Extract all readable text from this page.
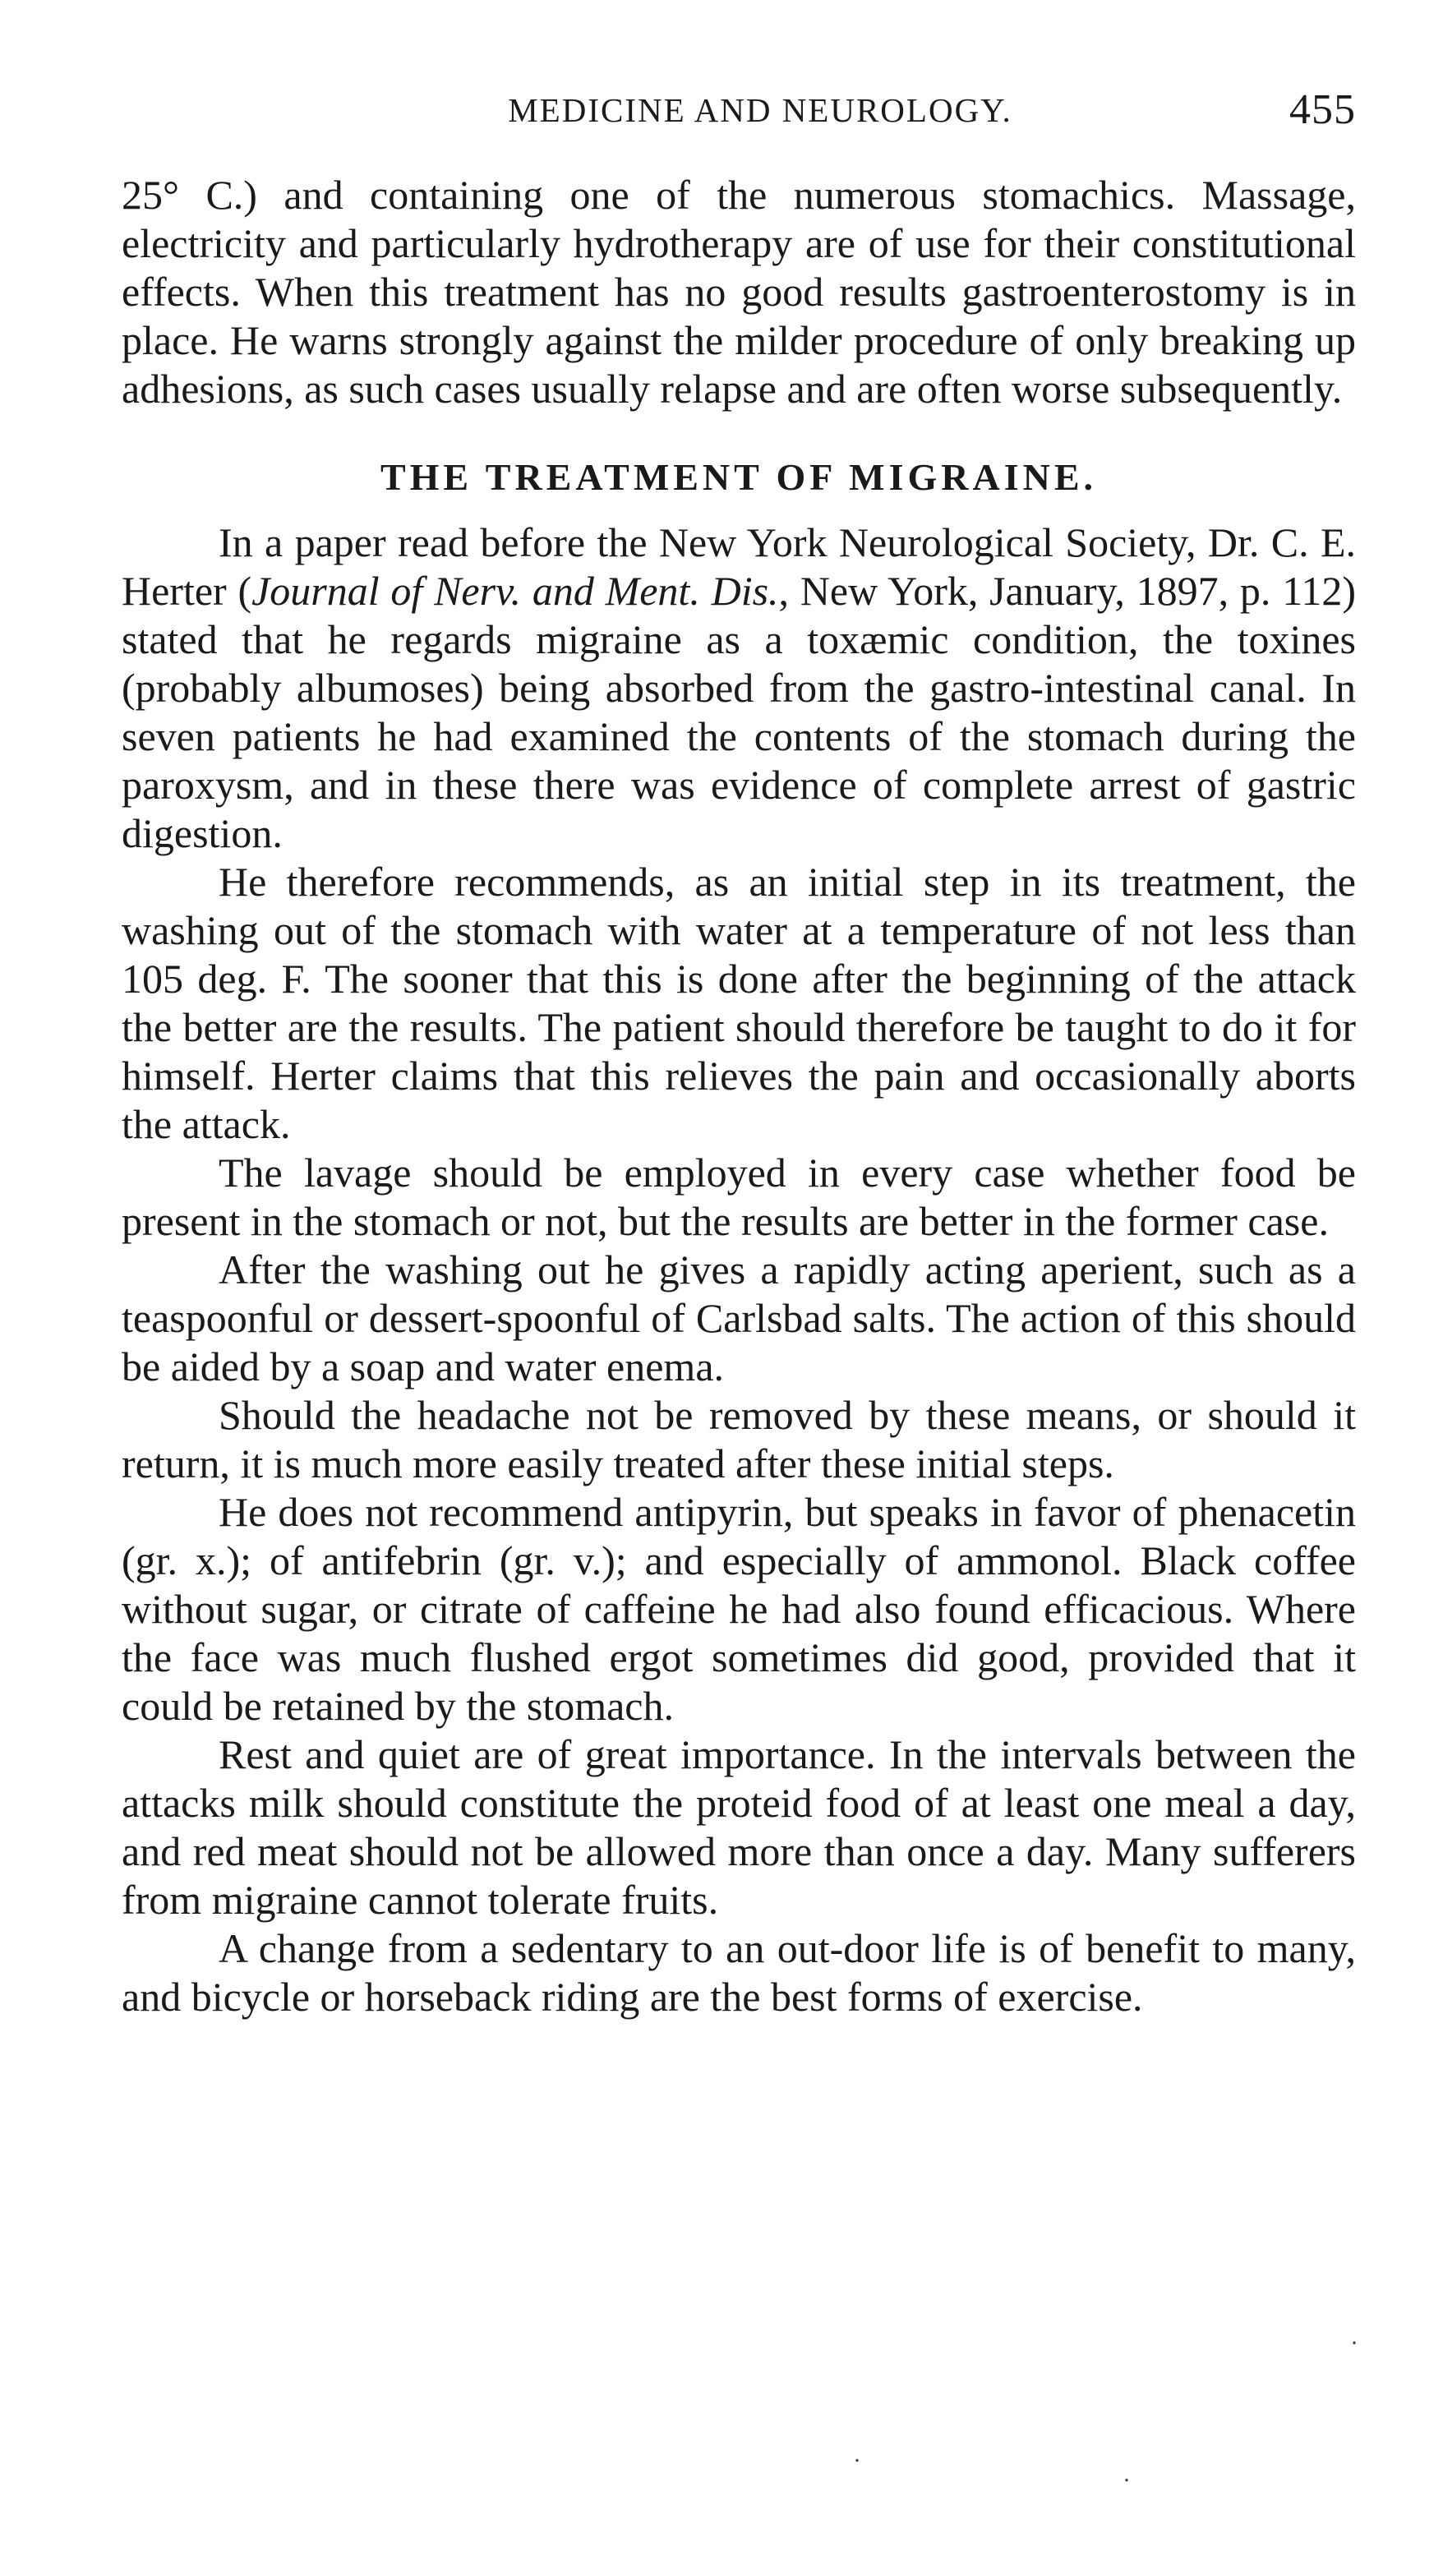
MEDICINE AND NEUROLOGY.	455

25° C.) and containing one of the numerous stomachics. Massage, electricity and particularly hydrotherapy are of use for their constitutional effects. When this treatment has no good results gastroenterostomy is in place. He warns strongly against the milder procedure of only breaking up adhesions, as such cases usually relapse and are often worse subsequently.

THE TREATMENT OF MIGRAINE.

In a paper read before the New York Neurological Society, Dr. C. E. Herter (Journal of Nerv. and Ment. Dis., New York, January, 1897, p. 112) stated that he regards migraine as a toxæmic condition, the toxines (probably albumoses) being absorbed from the gastro-intestinal canal. In seven patients he had examined the contents of the stomach during the paroxysm, and in these there was evidence of complete arrest of gastric digestion.

He therefore recommends, as an initial step in its treatment, the washing out of the stomach with water at a temperature of not less than 105 deg. F. The sooner that this is done after the beginning of the attack the better are the results. The patient should therefore be taught to do it for himself. Herter claims that this relieves the pain and occasionally aborts the attack.

The lavage should be employed in every case whether food be present in the stomach or not, but the results are better in the former case.

After the washing out he gives a rapidly acting aperient, such as a teaspoonful or dessert-spoonful of Carlsbad salts. The action of this should be aided by a soap and water enema.

Should the headache not be removed by these means, or should it return, it is much more easily treated after these initial steps.

He does not recommend antipyrin, but speaks in favor of phenacetin (gr. x.); of antifebrin (gr. v.); and especially of ammonol. Black coffee without sugar, or citrate of caffeine he had also found efficacious. Where the face was much flushed ergot sometimes did good, provided that it could be retained by the stomach.

Rest and quiet are of great importance. In the intervals between the attacks milk should constitute the proteid food of at least one meal a day, and red meat should not be allowed more than once a day. Many sufferers from migraine cannot tolerate fruits.

A change from a sedentary to an out-door life is of benefit to many, and bicycle or horseback riding are the best forms of exercise.

·
·
·
